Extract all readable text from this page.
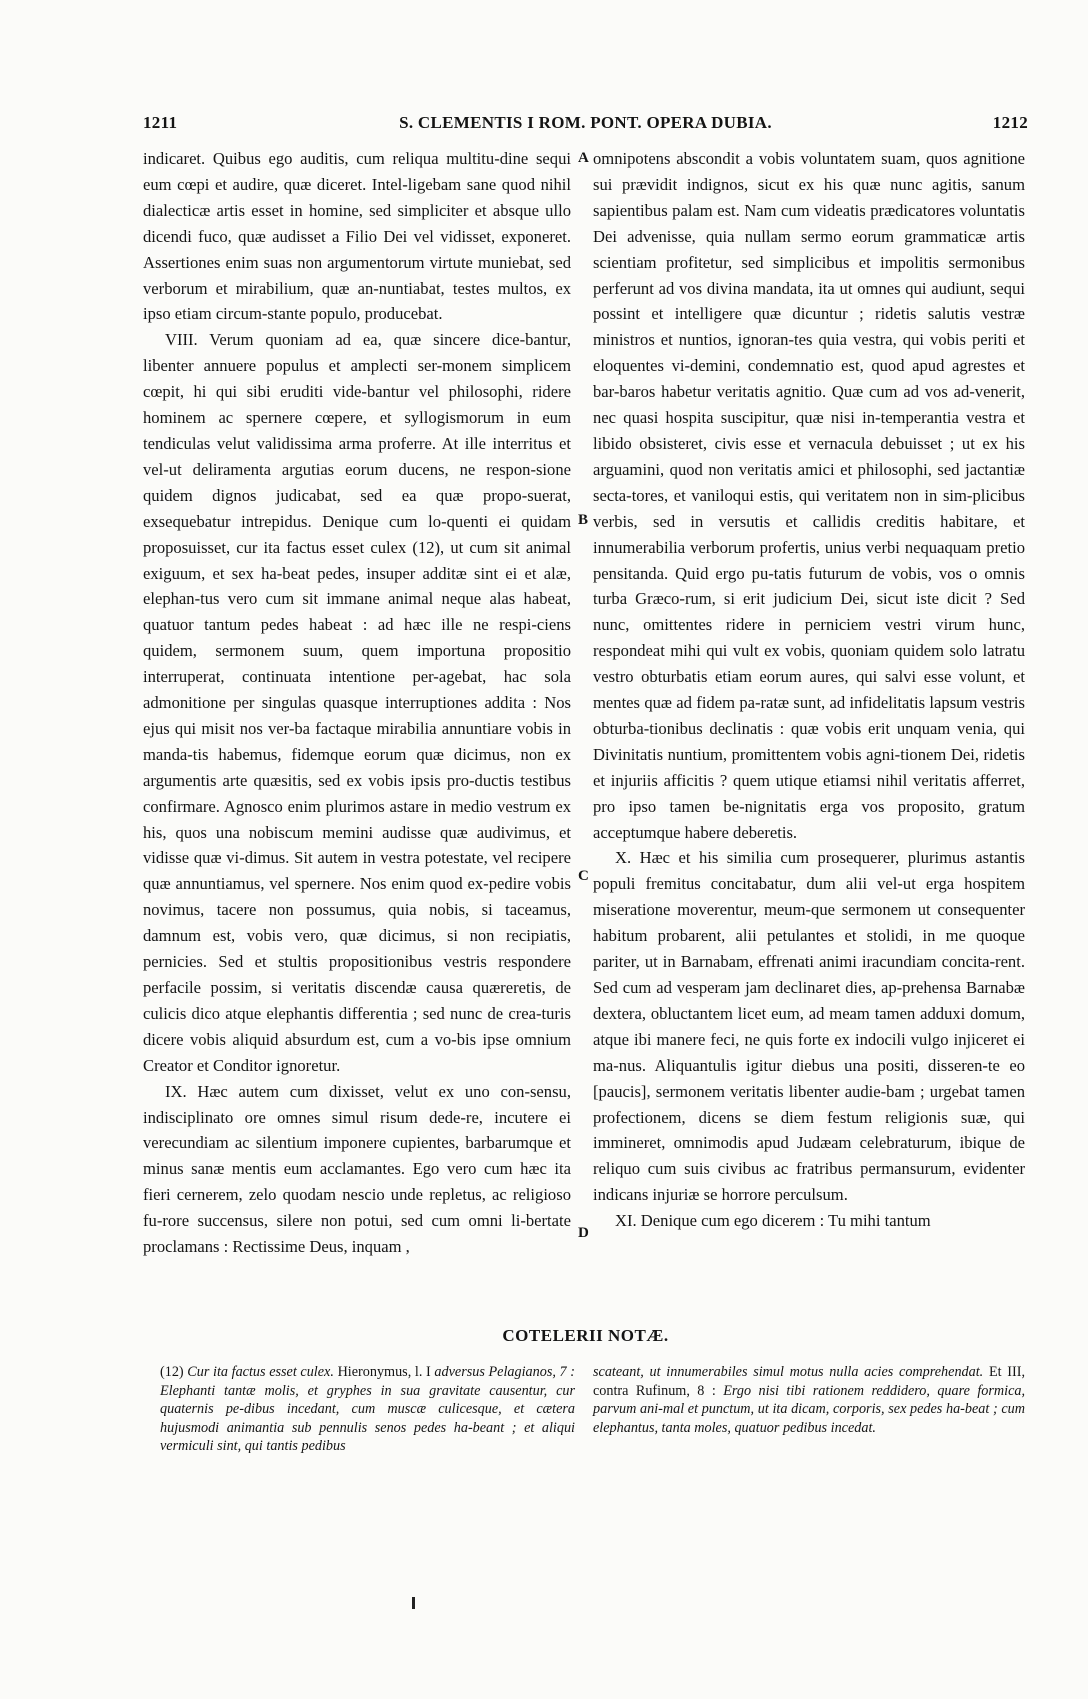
1211	S. CLEMENTIS I ROM. PONT. OPERA DUBIA.	1212

indicaret. Quibus ego auditis, cum reliqua multitu-dine sequi eum cœpi et audire, quæ diceret. Intel-ligebam sane quod nihil dialecticæ artis esset in homine, sed simpliciter et absque ullo dicendi fuco, quæ audisset a Filio Dei vel vidisset, exponeret. Assertiones enim suas non argumentorum virtute muniebat, sed verborum et mirabilium, quæ an-nuntiabat, testes multos, ex ipso etiam circum-stante populo, producebat.

VIII. Verum quoniam ad ea, quæ sincere dice-bantur, libenter annuere populus et amplecti ser-monem simplicem cœpit, hi qui sibi eruditi vide-bantur vel philosophi, ridere hominem ac spernere cœpere, et syllogismorum in eum tendiculas velut validissima arma proferre. At ille interritus et vel-ut deliramenta argutias eorum ducens, ne respon-sione quidem dignos judicabat, sed ea quæ propo-suerat, exsequebatur intrepidus. Denique cum lo-quenti ei quidam proposuisset, cur ita factus esset culex (12), ut cum sit animal exiguum, et sex ha-beat pedes, insuper additæ sint ei et alæ, elephan-tus vero cum sit immane animal neque alas habeat, quatuor tantum pedes habeat : ad hæc ille ne respi-ciens quidem, sermonem suum, quem importuna propositio interruperat, continuata intentione per-agebat, hac sola admonitione per singulas quasque interruptiones addita : Nos ejus qui misit nos ver-ba factaque mirabilia annuntiare vobis in manda-tis habemus, fidemque eorum quæ dicimus, non ex argumentis arte quæsitis, sed ex vobis ipsis pro-ductis testibus confirmare. Agnosco enim plurimos astare in medio vestrum ex his, quos una nobiscum memini audisse quæ audivimus, et vidisse quæ vi-dimus. Sit autem in vestra potestate, vel recipere quæ annuntiamus, vel spernere. Nos enim quod ex-pedire vobis novimus, tacere non possumus, quia nobis, si taceamus, damnum est, vobis vero, quæ dicimus, si non recipiatis, pernicies. Sed et stultis propositionibus vestris respondere perfacile possim, si veritatis discendæ causa quæreretis, de culicis dico atque elephantis differentia ; sed nunc de crea-turis dicere vobis aliquid absurdum est, cum a vo-bis ipse omnium Creator et Conditor ignoretur.

IX. Hæc autem cum dixisset, velut ex uno con-sensu, indisciplinato ore omnes simul risum dede-re, incutere ei verecundiam ac silentium imponere cupientes, barbarumque et minus sanæ mentis eum acclamantes. Ego vero cum hæc ita fieri cernerem, zelo quodam nescio unde repletus, ac religioso fu-rore succensus, silere non potui, sed cum omni li-bertate proclamans : Rectissime Deus, inquam ,

A
B
C
D

omnipotens abscondit a vobis voluntatem suam, quos agnitione sui prævidit indignos, sicut ex his quæ nunc agitis, sanum sapientibus palam est. Nam cum videatis prædicatores voluntatis Dei advenisse, quia nullam sermo eorum grammaticæ artis scientiam profitetur, sed simplicibus et impolitis sermonibus perferunt ad vos divina mandata, ita ut omnes qui audiunt, sequi possint et intelligere quæ dicuntur ; ridetis salutis vestræ ministros et nuntios, ignoran-tes quia vestra, qui vobis periti et eloquentes vi-demini, condemnatio est, quod apud agrestes et bar-baros habetur veritatis agnitio. Quæ cum ad vos ad-venerit, nec quasi hospita suscipitur, quæ nisi in-temperantia vestra et libido obsisteret, civis esse et vernacula debuisset ; ut ex his arguamini, quod non veritatis amici et philosophi, sed jactantiæ secta-tores, et vaniloqui estis, qui veritatem non in sim-plicibus verbis, sed in versutis et callidis creditis habitare, et innumerabilia verborum profertis, unius verbi nequaquam pretio pensitanda. Quid ergo pu-tatis futurum de vobis, vos o omnis turba Græco-rum, si erit judicium Dei, sicut iste dicit ? Sed nunc, omittentes ridere in perniciem vestri virum hunc, respondeat mihi qui vult ex vobis, quoniam quidem solo latratu vestro obturbatis etiam eorum aures, qui salvi esse volunt, et mentes quæ ad fidem pa-ratæ sunt, ad infidelitatis lapsum vestris obturba-tionibus declinatis : quæ vobis erit unquam venia, qui Divinitatis nuntium, promittentem vobis agni-tionem Dei, ridetis et injuriis afficitis ? quem utique etiamsi nihil veritatis afferret, pro ipso tamen be-nignitatis erga vos proposito, gratum acceptumque habere deberetis.

X. Hæc et his similia cum prosequerer, plurimus astantis populi fremitus concitabatur, dum alii vel-ut erga hospitem miseratione moverentur, meum-que sermonem ut consequenter habitum probarent, alii petulantes et stolidi, in me quoque pariter, ut in Barnabam, effrenati animi iracundiam concita-rent. Sed cum ad vesperam jam declinaret dies, ap-prehensa Barnabæ dextera, obluctantem licet eum, ad meam tamen adduxi domum, atque ibi manere feci, ne quis forte ex indocili vulgo injiceret ei ma-nus. Aliquantulis igitur diebus una positi, disseren-te eo [paucis], sermonem veritatis libenter audie-bam ; urgebat tamen profectionem, dicens se diem festum religionis suæ, qui immineret, omnimodis apud Judæam celebraturum, ibique de reliquo cum suis civibus ac fratribus permansurum, evidenter indicans injuriæ se horrore perculsum.

XI. Denique cum ego dicerem : Tu mihi tantum

COTELERII NOTÆ.
(12) Cur ita factus esset culex. Hieronymus, l. I adversus Pelagianos, 7 : Elephanti tantæ molis, et gryphes in sua gravitate causentur, cur quaternis pe-dibus incedant, cum muscæ culicesque, et cætera hujusmodi animantia sub pennulis senos pedes ha-beant ; et aliqui vermiculi sint, qui tantis pedibus
scateant, ut innumerabiles simul motus nulla acies comprehendat. Et III, contra Rufinum, 8 : Ergo nisi tibi rationem reddidero, quare formica, parvum ani-mal et punctum, ut ita dicam, corporis, sex pedes ha-beat ; cum elephantus, tanta moles, quatuor pedibus incedat.
